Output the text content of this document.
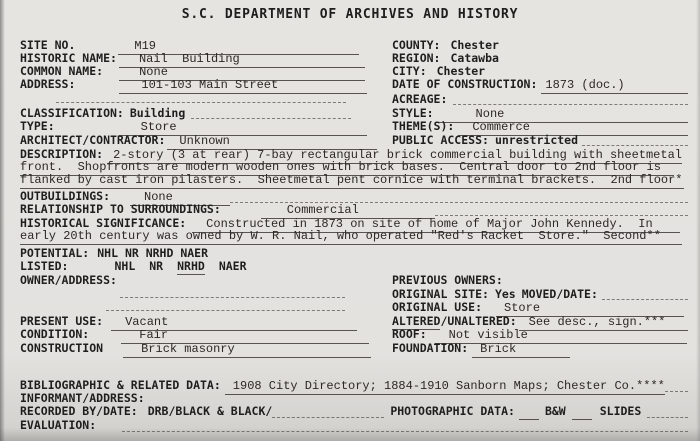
S.C. DEPARTMENT OF ARCHIVES AND HISTORY
SITE NO.	M19	COUNTY: Chester
HISTORIC NAME:	Nail  Building	REGION: Catawba
COMMON NAME:	None	CITY: Chester
ADDRESS:	101-103 Main Street	DATE OF CONSTRUCTION: 1873 (doc.)
ACREAGE:
CLASSIFICATION: Building	STYLE:	None
TYPE:	Store	THEME(S):	Commerce
ARCHITECT/CONTRACTOR:	Unknown	PUBLIC ACCESS: unrestricted
DESCRIPTION: 2-story (3 at rear) 7-bay rectangular brick commercial building with sheetmetal
front.  Shopfronts are modern wooden ones with brick bases.  Central door to 2nd floor is
flanked by cast iron pilasters.  Sheetmetal pent cornice with terminal brackets.  2nd floor*
OUTBUILDINGS:	None
RELATIONSHIP TO SURROUNDINGS:	Commercial
HISTORICAL SIGNIFICANCE:	Constructed in 1873 on site of home of Major John Kennedy.  In
early 20th century was owned by W. R. Nail, who operated "Red's Racket  Store."  Second**
POTENTIAL: NHL NR NRHD NAER
LISTED:	NHL NR NRHD NAER
OWNER/ADDRESS:	PREVIOUS OWNERS:
ORIGINAL SITE: Yes MOVED/DATE:
ORIGINAL USE:	Store
PRESENT USE:	Vacant	ALTERED /UNALTERED:	See desc., sign.***
CONDITION:	Fair	ROOF:	Not visible
CONSTRUCTION	Brick masonry	FOUNDATION:	Brick
BIBLIOGRAPHIC & RELATED DATA:	1908 City Directory; 1884-1910 Sanborn Maps; Chester Co.****
INFORMANT/ADDRESS:
RECORDED BY/DATE: DRB/BLACK & BLACK/	PHOTOGRAPHIC DATA:	B&W	SLIDES
EVALUATION:
